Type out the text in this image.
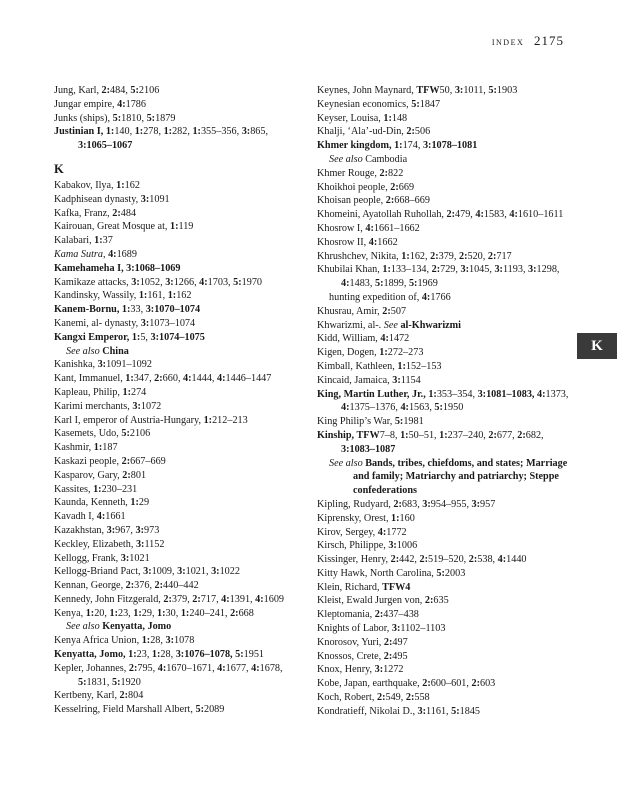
index 2175
Jung, Karl, 2:484, 5:2106
Jungar empire, 4:1786
Junks (ships), 5:1810, 5:1879
Justinian I, 1:140, 1:278, 1:282, 1:355–356, 3:865, 3:1065–1067
K
Kabakov, Ilya, 1:162
Kadphisean dynasty, 3:1091
Kafka, Franz, 2:484
Kairouan, Great Mosque at, 1:119
Kalabari, 1:37
Kama Sutra, 4:1689
Kamehameha I, 3:1068–1069
Kamikaze attacks, 3:1052, 3:1266, 4:1703, 5:1970
Kandinsky, Wassily, 1:161, 1:162
Kanem-Bornu, 1:33, 3:1070–1074
Kanemi, al- dynasty, 3:1073–1074
Kangxi Emperor, 1:5, 3:1074–1075
See also China
Kanishka, 3:1091–1092
Kant, Immanuel, 1:347, 2:660, 4:1444, 4:1446–1447
Kapleau, Philip, 1:274
Karimi merchants, 3:1072
Karl I, emperor of Austria-Hungary, 1:212–213
Kasemets, Udo, 5:2106
Kashmir, 1:187
Kaskazi people, 2:667–669
Kasparov, Gary, 2:801
Kassites, 1:230–231
Kaunda, Kenneth, 1:29
Kavadh I, 4:1661
Kazakhstan, 3:967, 3:973
Keckley, Elizabeth, 3:1152
Kellogg, Frank, 3:1021
Kellogg-Briand Pact, 3:1009, 3:1021, 3:1022
Kennan, George, 2:376, 2:440–442
Kennedy, John Fitzgerald, 2:379, 2:717, 4:1391, 4:1609
Kenya, 1:20, 1:23, 1:29, 1:30, 1:240–241, 2:668
See also Kenyatta, Jomo
Kenya Africa Union, 1:28, 3:1078
Kenyatta, Jomo, 1:23, 1:28, 3:1076–1078, 5:1951
Kepler, Johannes, 2:795, 4:1670–1671, 4:1677, 4:1678, 5:1831, 5:1920
Kertbeny, Karl, 2:804
Kesselring, Field Marshall Albert, 5:2089
Keynes, John Maynard, TFW50, 3:1011, 5:1903
Keynesian economics, 5:1847
Keyser, Louisa, 1:148
Khalji, ‘Ala’-ud-Din, 2:506
Khmer kingdom, 1:174, 3:1078–1081
See also Cambodia
Khmer Rouge, 2:822
Khoikhoi people, 2:669
Khoisan people, 2:668–669
Khomeini, Ayatollah Ruhollah, 2:479, 4:1583, 4:1610–1611
Khosrow I, 4:1661–1662
Khosrow II, 4:1662
Khrushchev, Nikita, 1:162, 2:379, 2:520, 2:717
Khubilai Khan, 1:133–134, 2:729, 3:1045, 3:1193, 3:1298, 4:1483, 5:1899, 5:1969
hunting expedition of, 4:1766
Khusrau, Amir, 2:507
Khwarizmi, al-. See al-Khwarizmi
Kidd, William, 4:1472
Kigen, Dogen, 1:272–273
Kimball, Kathleen, 1:152–153
Kincaid, Jamaica, 3:1154
King, Martin Luther, Jr., 1:353–354, 3:1081–1083, 4:1373, 4:1375–1376, 4:1563, 5:1950
King Philip’s War, 5:1981
Kinship, TFW7–8, 1:50–51, 1:237–240, 2:677, 2:682, 3:1083–1087
See also Bands, tribes, chiefdoms, and states; Marriage and family; Matriarchy and patriarchy; Steppe confederations
Kipling, Rudyard, 2:683, 3:954–955, 3:957
Kiprensky, Orest, 1:160
Kirov, Sergey, 4:1772
Kirsch, Philippe, 3:1006
Kissinger, Henry, 2:442, 2:519–520, 2:538, 4:1440
Kitty Hawk, North Carolina, 5:2003
Klein, Richard, TFW4
Kleist, Ewald Jurgen von, 2:635
Kleptomania, 2:437–438
Knights of Labor, 3:1102–1103
Knorosov, Yuri, 2:497
Knossos, Crete, 2:495
Knox, Henry, 3:1272
Kobe, Japan, earthquake, 2:600–601, 2:603
Koch, Robert, 2:549, 2:558
Kondratieff, Nikolai D., 3:1161, 5:1845
K
